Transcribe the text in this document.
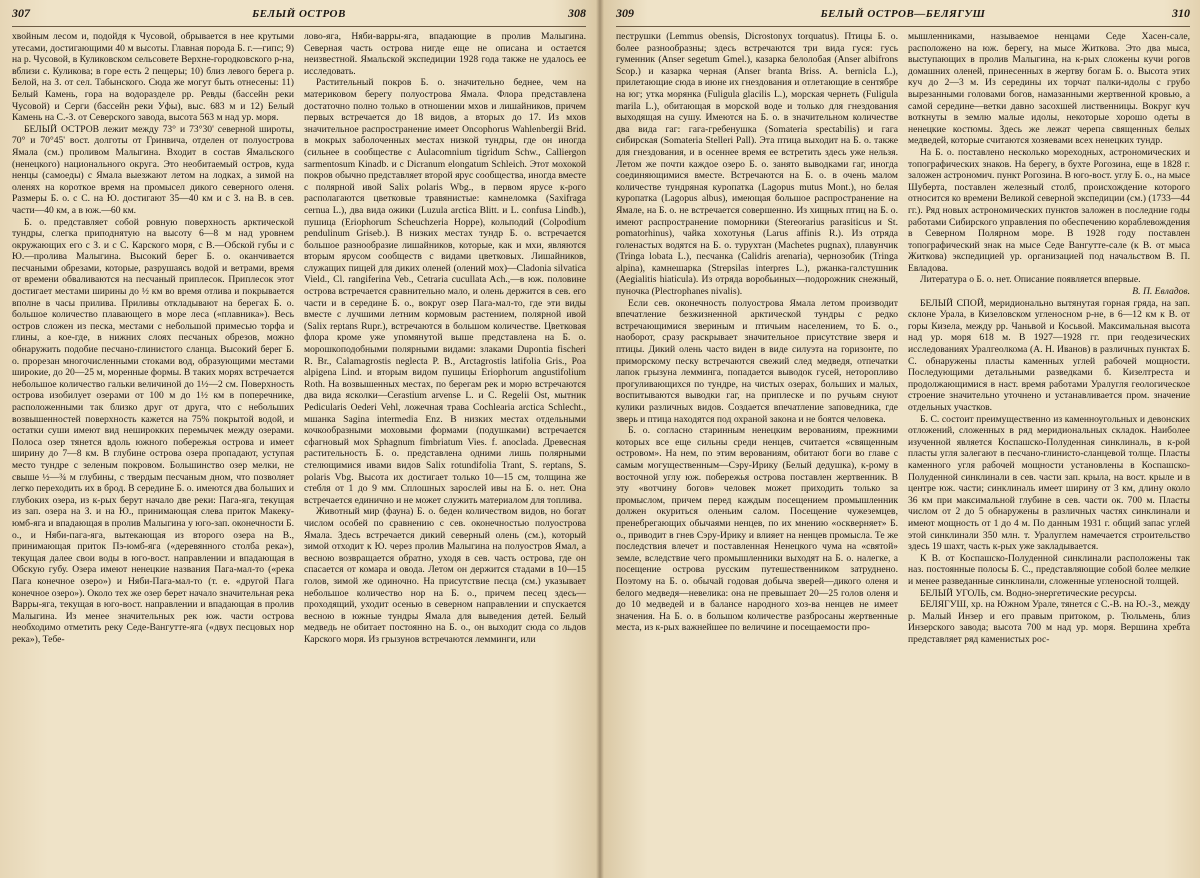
307	БЕЛЫЙ ОСТРОВ	308

хвойным лесом и, подойдя к Чусовой, обрывается в нее крутыми утесами, достигающими 40 м высоты. Главная порода Б. г.—гипс; 9) на р. Чусовой, в Куликовском сельсовете Верхне-городковского р-на, вблизи с. Куликова; в горе есть 2 пещеры; 10) близ левого берега р. Белой, на З. от сел. Табынского. Сюда же могут быть отнесены: 11) Белый Камень, гора на водоразделе рр. Ревды (бассейн реки Чусовой) и Серги (бассейн реки Уфы), выс. 683 м и 12) Белый Камень на С.-З. от Северского завода, высота 563 м над ур. моря.

БЕЛЫЙ ОСТРОВ лежит между 73° и 73°30' северной широты, 70° и 70°45' вост. долготы от Гринвича, отделен от полуострова Ямала (см.) проливом Малыгина. Входит в состав Ямальского (ненецкого) национального округа. Это необитаемый остров, куда ненцы (самоеды) с Ямала выезжают летом на лодках, а зимой на оленях на короткое время на промысел дикого северного оленя. Размеры Б. о. с С. на Ю. достигают 35—40 км и с З. на В. в сев. части—40 км, а в юж.—60 км.

Б. о. представляет собой ровную поверхность арктической тундры, слегка приподнятую на высоту 6—8 м над уровнем окружающих его с З. и с С. Карского моря, с В.—Обской губы и с Ю.—пролива Малыгина. Высокий берег Б. о. оканчивается песчаными обрезами, которые, разрушаясь водой и ветрами, время от времени обваливаются на песчаный приплесок. Приплесок этот достигает местами ширины до ½ км во время отлива и покрывается вполне в часы прилива. Приливы откладывают на берегах Б. о. большое количество плавающего в море леса («плавника»). Весь остров сложен из песка, местами с небольшой примесью торфа и глины, а кое-где, в нижних слоях песчаных обрезов, можно обнаружить подобие песчано-глинистого сланца. Высокий берег Б. о. прорезан многочисленными стоками вод, образующими местами широкие, до 20—25 м, моренные формы. В таких морях встречается небольшое количество гальки величиной до 1½—2 см. Поверхность острова изобилует озерами от 100 м до 1½ км в поперечнике, расположенными так близко друг от друга, что с небольших возвышенностей поверхность кажется на 75% покрытой водой, и остатки суши имеют вид неширокких перемычек между озерами. Полоса озер тянется вдоль южного побережья острова и имеет ширину до 7—8 км. В глубине острова озера пропадают, уступая место тундре с зеленым покровом. Большинство озер мелки, не свыше ½—¾ м глубины, с твердым песчаным дном, что позволяет легко переходить их в брод. В середине Б. о. имеются два больших и глубоких озера, из к-рых берут начало две реки: Пага-яга, текущая из зап. озера на З. и на Ю., принимающая слева приток Макеку-юмб-яга и впадающая в пролив Малыгина у юго-зап. оконечности Б. о., и Няби-пага-яга, вытекающая из второго озера на В., принимающая приток Пэ-юмб-яга («деревянного столба река»), текущая далее свои воды в юго-вост. направлении и впадающая в Обскую губу. Озера имеют ненецкие названия Пага-мал-то («река Пага конечное озеро») и Няби-Пага-мал-то (т. е. «другой Пага конечное озеро»). Около тех же озер берет начало значительная река Варры-яга, текущая в юго-вост. направлении и впадающая в пролив Малыгина. Из менее значительных рек юж. части острова необходимо отметить реку Седе-Вангутте-яга («двух песцовых нор река»), Тебе-

лово-яга, Няби-варры-яга, впадающие в пролив Малыгина. Северная часть острова нигде еще не описана и остается неизвестной. Ямальской экспедиции 1928 года также не удалось ее исследовать.

Растительный покров Б. о. значительно беднее, чем на материковом берегу полуострова Ямала. Флора представлена достаточно полно только в отношении мхов и лишайников, причем первых встречается до 18 видов, а вторых до 17. Из мхов значительное распространение имеет Oncophorus Wahlenbergii Brid. в мокрых заболоченных местах низкой тундры, где он иногда (сильнее в сообществе с Aulacomnium tigridum Schw., Calliergon sarmentosum Kinadb. и с Dicranum elongatum Schleich. Этот мохокой покров обычно представляет второй ярус сообщества, иногда вместе с полярной ивой Salix polaris Wbg., в первом ярусе к-рого располагаются цветковые травянистые: камнеломка (Saxifraga cernua L.), два вида ожики (Luzula arctica Blitt. и L. confusa Lindb.), пушица (Eriophorum Scheuchzeria Hoppe), кольподий (Colpodium pendulinum Griseb.). В низких местах тундр Б. о. встречается большое разнообразие лишайников, которые, как и мхи, являются вторым ярусом сообществ с видами цветковых. Лишайников, служащих пищей для диких оленей (олений мох)—Cladonia silvatica Vield., Cl. rangiferina Veb., Cetraria cucullata Ach.,—в юж. половине острова встречается сравнительно мало, и олень держится в сев. его части и в середине Б. о., вокруг озер Пага-мал-то, где эти виды вместе с лучшими летним кормовым растением, полярной ивой (Salix reptans Rupr.), встречаются в большом количестве. Цветковая флора кроме уже упомянутой выше представлена на Б. о. морошкоподобными полярными видами: злаками Dupontia fischeri R. Br., Calamagrostis neglecta P. B., Arctagrostis latifolia Gris., Poa alpigena Lind. и вторым видом пушицы Eriophorum angustifolium Roth. На возвышенных местах, по берегам рек и морю встречаются два вида ясколки—Cerastium arvense L. и C. Regelii Ost, мытник Pedicularis Oederi Vehl, ложечная трава Cochlearia arctica Schlecht., мшанка Sagina intermedia Enz. В низких местах отдельными кочкообразными моховыми формами (подушками) встречается сфагновый мох Sphagnum fimbriatum Vies. f. anoclada. Древесная растительность Б. о. представлена одними лишь полярными стелющимися ивами видов Salix rotundifolia Trant, S. reptans, S. polaris Vbg. Высота их достигает только 10—15 см, толщина же стебля от 1 до 9 мм. Сплошных зарослей ивы на Б. о. нет. Она встречается единично и не может служить материалом для топлива.

Животный мир (фауна) Б. о. беден количеством видов, но богат числом особей по сравнению с сев. оконечностью полуострова Ямала. Здесь встречается дикий северный олень (см.), который зимой отходит к Ю. через пролив Малыгина на полуостров Ямал, а весною возвращается обратно, уходя в сев. часть острова, где он спасается от комара и овода. Летом он держится стадами в 10—15 голов, зимой же одиночно. На присутствие песца (см.) указывает небольшое количество нор на Б. о., причем песец здесь—проходящий, уходит осенью в северном направлении и спускается весною в южные тундры Ямала для выведения детей. Белый медведь не обитает постоянно на Б. о., он выходит сюда со льдов Карского моря. Из грызунов встречаются лемминги, или

309	БЕЛЫЙ ОСТРОВ—БЕЛЯГУШ	310

пеструшки (Lemmus obensis, Dicrostonyx torquatus). Птицы Б. о. более разнообразны; здесь встречаются три вида гуся: гусь гуменник (Anser segetum Gmel.), казарка белолобая (Anser albifrons Scop.) и казарка черная (Anser branta Briss. A. bernicla L.), прилетающие сюда в июне их гнездования и отлетающие в сентябре на юг; утка морянка (Fuligula glacilis L.), морская чернеть (Fuligula marila L.), обитающая в морской воде и только для гнездования выходящая на сушу. Имеются на Б. о. в значительном количестве два вида гаг: гага-гребенушка (Somateria spectabilis) и гага сибирская (Somateria Stelleri Pall). Эта птица выходит на Б. о. также для гнездования, и в осеннее время ее встретить здесь уже нельзя. Летом же почти каждое озеро Б. о. занято выводками гаг, иногда соединяющимися вместе. Встречаются на Б. о. в очень малом количестве тундряная куропатка (Lagopus mutus Mont.), но белая куропатка (Lagopus albus), имеющая большое распространение на Ямале, на Б. о. не встречается совершенно. Из хищных птиц на Б. о. имеют распространение поморники (Stereorarius parasiticus и St. pomatorhinus), чайка хохотунья (Larus affinis R.). Из отряда голенастых водятся на Б. о. турухтан (Machetes pugnax), плавунчик (Tringa lobata L.), песчанка (Calidris arenaria), чернозобик (Tringa alpina), камнешарка (Strepsilas interpres L.), ржанка-галстушник (Aegialitis hiaticula). Из отряда воробьиных—подорожник снежный, пуночка (Plectrophanes nivalis).

Если сев. оконечность полуострова Ямала летом производит впечатление безжизненной арктической тундры с редко встречающимися звериным и птичьим населением, то Б. о., наоборот, сразу раскрывает значительное присутствие зверя и птицы. Дикий олень часто виден в виде силуэта на горизонте, по приморскому песку встречаются свежий след медведя, отпечатки лапок грызуна лемминга, попадается выводок гусей, неторопливо прогуливающихся по тундре, на чистых озерах, больших и малых, воспитываются выводки гаг, на приплеске и по ручьям снуют кулики различных видов. Создается впечатление заповедника, где зверь и птица находятся под охраной закона и не боятся человека.

Б. о. согласно старинным ненецким верованиям, прежними которых все еще сильны среди ненцев, считается «священным островом». На нем, по этим верованиям, обитают боги во главе с самым могущественным—Сэру-Ирику (Белый дедушка), к-рому в восточной углу юж. побережья острова поставлен жертвенник. В эту «вотчину богов» человек может приходить только за промыслом, причем перед каждым посещением промышленник должен окуриться оленьим салом. Посещение чужеземцев, пренебрегающих обычаями ненцев, по их мнению «оскверняет» Б. о., приводит в гнев Сэру-Ирику и влияет на ненцев промысла. Те же последствия влечет и поставленная Ненецкого чума на «святой» земле, вследствие чего промышленники выходят на Б. о. налегке, а посещение острова русским путешественником затруднено. Поэтому на Б. о. обычай годовая добыча зверей—дикого оленя и белого медведя—невелика: она не превышает 20—25 голов оленя и до 10 медведей и в балансе народного хоз-ва ненцев не имеет значения. На Б. о. в большом количестве разбросаны жертвенные места, из к-рых важнейшее по величине и посещаемости про-

мышленниками, называемое ненцами Седе Хасен-сале, расположено на юж. берегу, на мысе Житкова. Это два мыса, выступающих в пролив Малыгина, на к-рых сложены кучи рогов домашних оленей, принесенных в жертву богам Б. о. Высота этих куч до 2—3 м. Из середины их торчат палки-идолы с грубо вырезанными головами богов, намазанными жертвенной кровью, а самой середине—ветки давно засохшей лиственницы. Вокруг куч воткнуты в землю малые идолы, некоторые хорошо одеты в ненецкие костюмы. Здесь же лежат черепа священных белых медведей, которые считаются хозяевами всех ненецких тундр.

На Б. о. поставлено несколько мореходных, астрономических и топографических знаков. На берегу, в бухте Рогозина, еще в 1828 г. заложен астрономич. пункт Рогозина. В юго-вост. углу Б. о., на мысе Шуберта, поставлен железный столб, происхождение которого относится ко времени Великой северной экспедиции (см.) (1733—44 гг.). Ряд новых астрономических пунктов заложен в последние годы работами Сибирского управления по обеспечению кораблевождения в Северном Полярном море. В 1928 году поставлен топографический знак на мысе Седе Вангутте-сале (к В. от мыса Житкова) экспедицией ур. организацией под начальством В. П. Евладова.

Литература о Б. о. нет. Описание появляется впервые.

В. П. Евладов.

БЕЛЫЙ СПОЙ, меридионально вытянутая горная гряда, на зап. склоне Урала, в Кизеловском угленосном р-не, в 6—12 км к В. от горы Кизела, между рр. Чаньвой и Косьвой. Максимальная высота над ур. моря 618 м. В 1927—1928 гг. при геодезических исследованиях Уралгеолкома (А. Н. Иванов) в различных пунктах Б. С. обнаружены пласты каменных углей рабочей мощности. Последующими детальными разведками б. Кизелтреста и продолжающимися в наст. время работами Уралугля геологическое строение значительно уточнено и устанавливается пром. значение отдельных участков.

Б. С. состоит преимущественно из каменноугольных и девонских отложений, сложенных в ряд меридиональных складок. Наиболее изученной является Коспашско-Полуденная синклиналь, в к-рой пласты угля залегают в песчано-глинисто-сланцевой толще. Пласты каменного угля рабочей мощности установлены в Коспашско-Полуденной синклинали в сев. части зап. крыла, на вост. крыле и в центре юж. части; синклиналь имеет ширину от 3 км, длину около 36 км при максимальной глубине в сев. части ок. 700 м. Пласты числом от 2 до 5 обнаружены в различных частях синклинали и имеют мощность от 1 до 4 м. По данным 1931 г. общий запас углей этой синклинали 350 млн. т. Уралуглем намечается строительство здесь 19 шахт, часть к-рых уже закладывается.

К В. от Коспашско-Полуденной синклинали расположены так наз. постоянные полосы Б. С., представляющие собой более мелкие и менее разведанные синклинали, сложенные угленосной толщей.

БЕЛЫЙ УГОЛЬ, см. Водно-энергетические ресурсы.

БЕЛЯГУШ, хр. на Южном Урале, тянется с С.-В. на Ю.-З., между р. Малый Инзер и его правым притоком, р. Тюльмень, близ Инзерского завода; высота 700 м над ур. моря. Вершина хребта представляет ряд каменистых рос-
